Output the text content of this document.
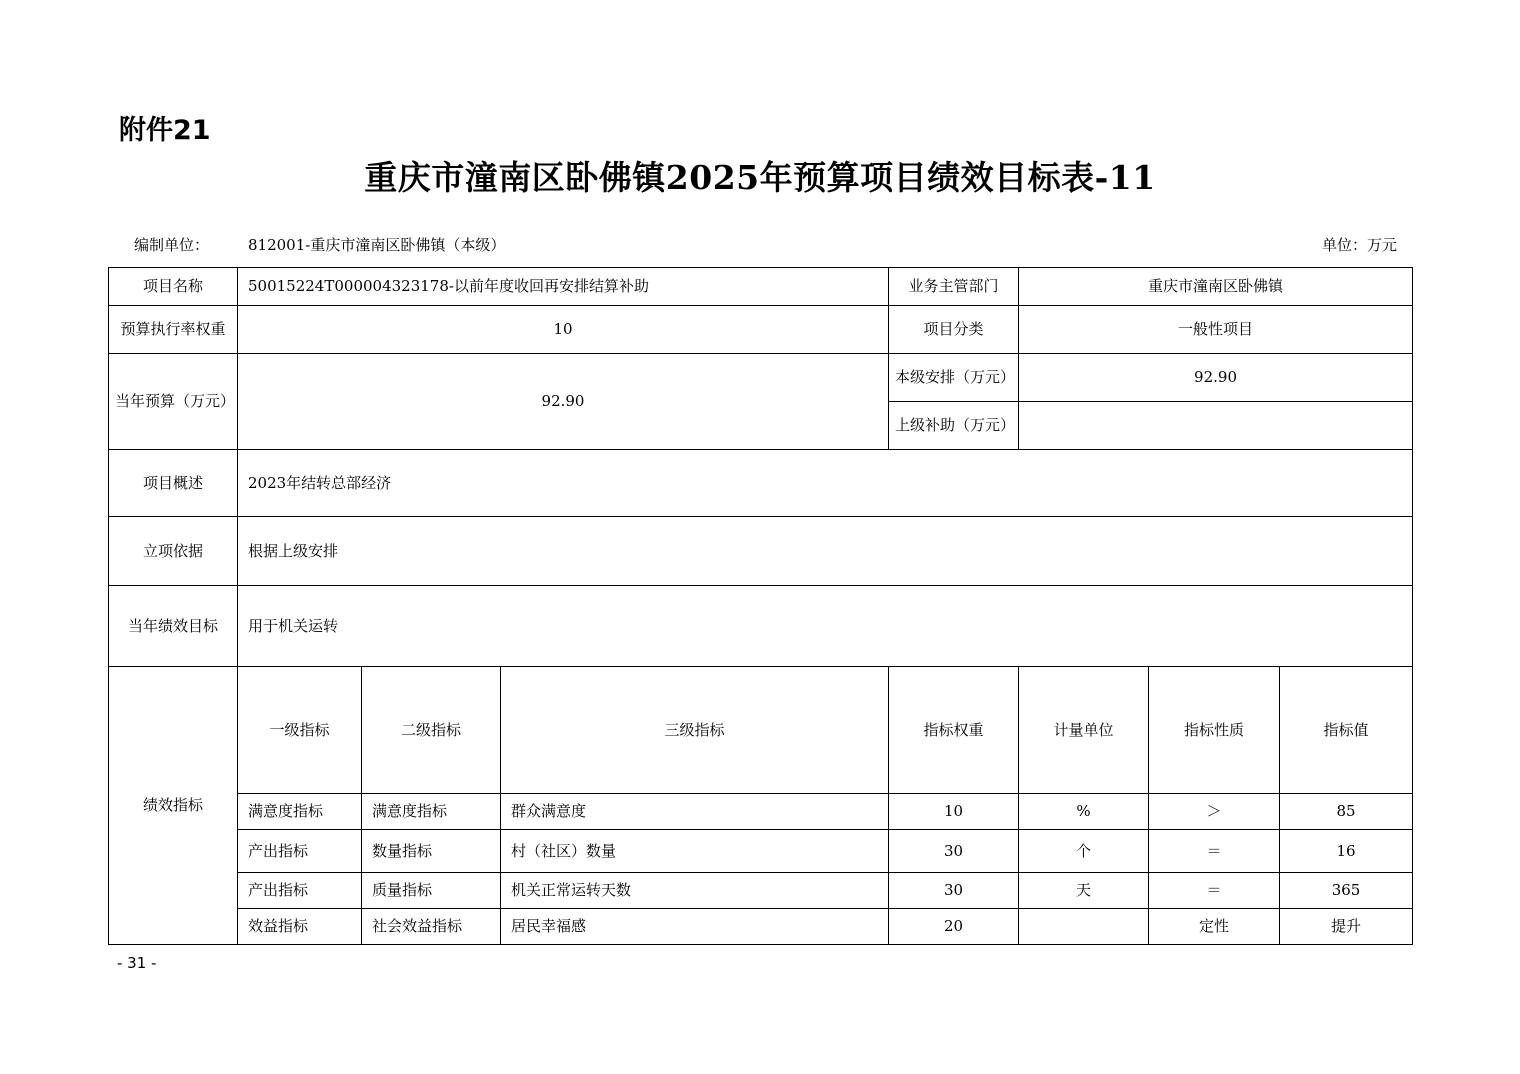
附件21
重庆市潼南区卧佛镇2025年预算项目绩效目标表-11
编制单位：	812001-重庆市潼南区卧佛镇（本级）	单位：万元
项目名称	50015224T000004323178-以前年度收回再安排结算补助			业务主管部门	重庆市潼南区卧佛镇			
预算执行率权重	10			项目分类	一般性项目			
当年预算（万元）	92.90			本级安排（万元）	92.90			
				上级补助（万元）				
项目概述	2023年结转总部经济							
立项依据	根据上级安排							
当年绩效目标	用于机关运转							
绩效指标	一级指标	二级指标	三级指标	指标权重	计量单位	指标性质	指标值	
	满意度指标	满意度指标	群众满意度	10	%	＞	85	
	产出指标	数量指标	村（社区）数量	30	个	＝	16	
	产出指标	质量指标	机关正常运转天数	30	天	＝	365	
	效益指标	社会效益指标	居民幸福感	20		定性	提升	
- 31 -
